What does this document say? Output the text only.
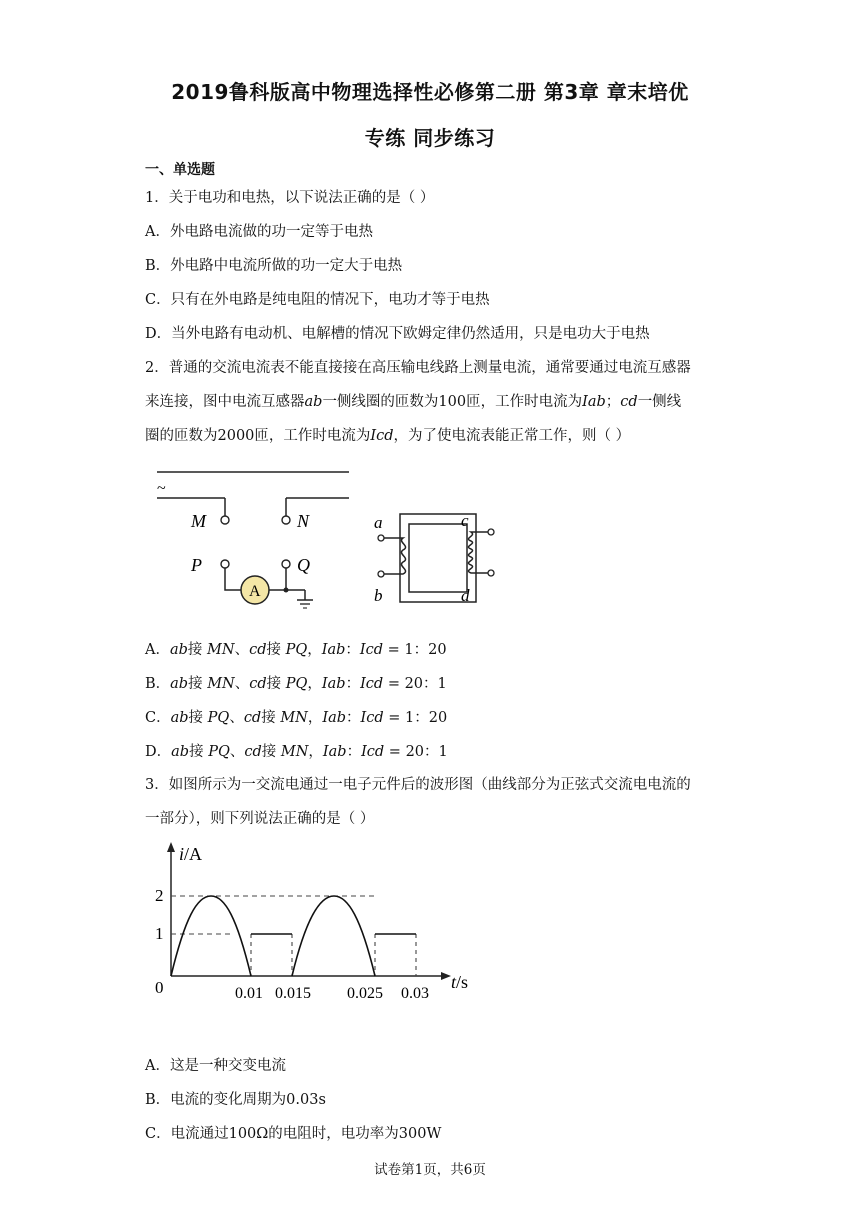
2019鲁科版高中物理选择性必修第二册 第3章 章末培优
专练 同步练习
一、单选题
1．关于电功和电热，以下说法正确的是（ ）
A．外电路电流做的功一定等于电热
B．外电路中电流所做的功一定大于电热
C．只有在外电路是纯电阻的情况下，电功才等于电热
D．当外电路有电动机、电解槽的情况下欧姆定律仍然适用，只是电功大于电热
2．普通的交流电流表不能直接接在高压输电线路上测量电流，通常要通过电流互感器
来连接，图中电流互感器ab一侧线圈的匝数为100匝，工作时电流为Iab；cd一侧线
圈的匝数为2000匝，工作时电流为Icd，为了使电流表能正常工作，则（ ）
~
M	N
P	Q
A
a
b
c
d
A．ab接 MN、cd接 PQ，Iab：Icd = 1：20
B．ab接 MN、cd接 PQ，Iab：Icd = 20：1
C．ab接 PQ、cd接 MN，Iab：Icd = 1：20
D．ab接 PQ、cd接 MN，Iab：Icd = 20：1
3．如图所示为一交流电通过一电子元件后的波形图（曲线部分为正弦式交流电电流的
一部分），则下列说法正确的是（ ）
i/A
t/s
0
2
1
0.01 0.015 0.025 0.03
A．这是一种交变电流
B．电流的变化周期为0.03s
C．电流通过100Ω的电阻时，电功率为300W
试卷第1页，共6页
